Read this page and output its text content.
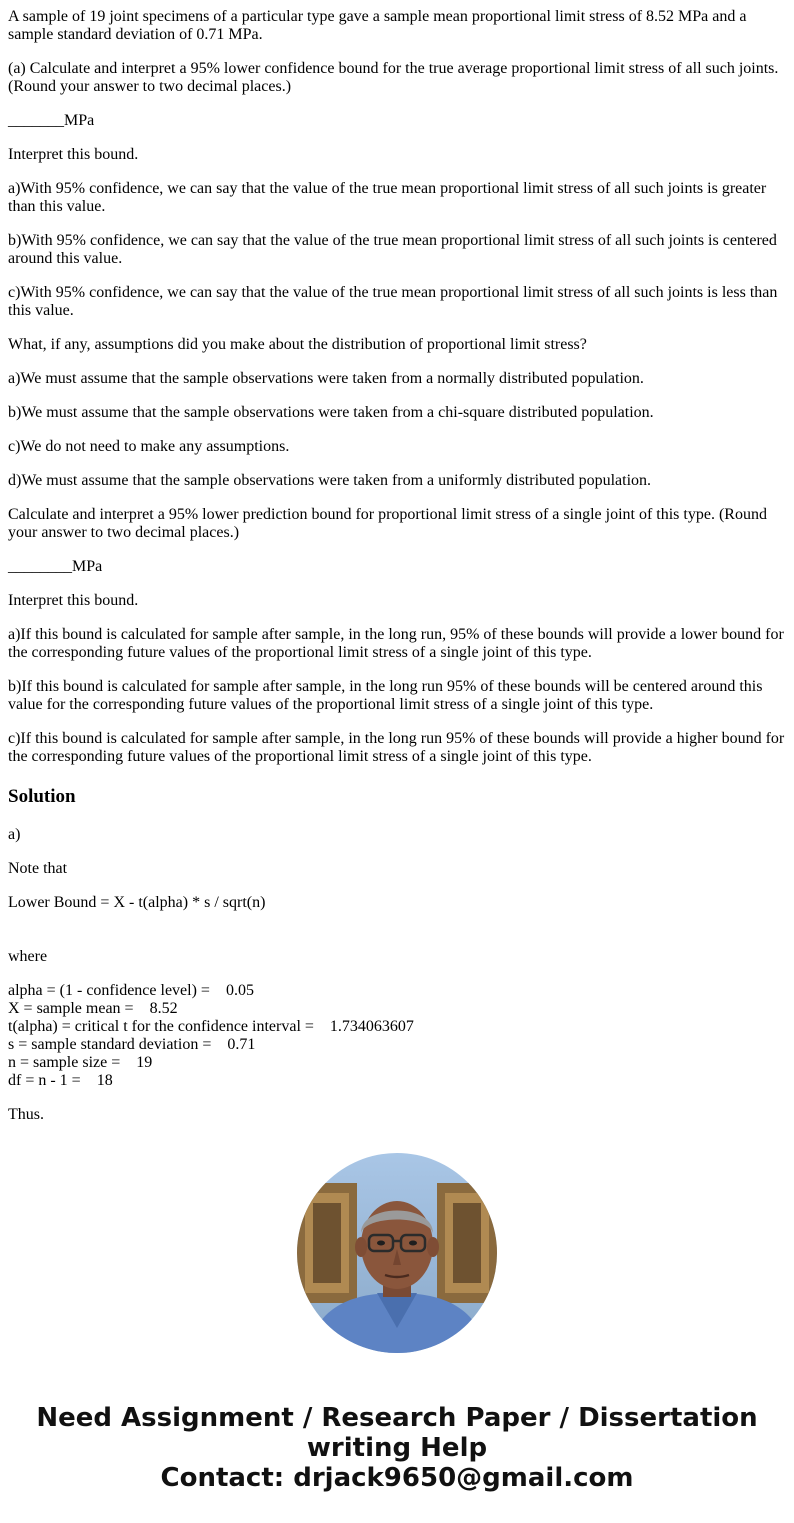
A sample of 19 joint specimens of a particular type gave a sample mean proportional limit stress of 8.52 MPa and a sample standard deviation of 0.71 MPa.
(a) Calculate and interpret a 95% lower confidence bound for the true average proportional limit stress of all such joints. (Round your answer to two decimal places.)
_______MPa
Interpret this bound.
a)With 95% confidence, we can say that the value of the true mean proportional limit stress of all such joints is greater than this value.
b)With 95% confidence, we can say that the value of the true mean proportional limit stress of all such joints is centered around this value.
c)With 95% confidence, we can say that the value of the true mean proportional limit stress of all such joints is less than this value.
What, if any, assumptions did you make about the distribution of proportional limit stress?
a)We must assume that the sample observations were taken from a normally distributed population.
b)We must assume that the sample observations were taken from a chi-square distributed population.
c)We do not need to make any assumptions.
d)We must assume that the sample observations were taken from a uniformly distributed population.
Calculate and interpret a 95% lower prediction bound for proportional limit stress of a single joint of this type. (Round your answer to two decimal places.)
________MPa
Interpret this bound.
a)If this bound is calculated for sample after sample, in the long run, 95% of these bounds will provide a lower bound for the corresponding future values of the proportional limit stress of a single joint of this type.
b)If this bound is calculated for sample after sample, in the long run 95% of these bounds will be centered around this value for the corresponding future values of the proportional limit stress of a single joint of this type.
c)If this bound is calculated for sample after sample, in the long run 95% of these bounds will provide a higher bound for the corresponding future values of the proportional limit stress of a single joint of this type.
Solution
a)
Note that
Lower Bound = X - t(alpha) * s / sqrt(n)
where
alpha = (1 - confidence level) =    0.05
X = sample mean =    8.52
t(alpha) = critical t for the confidence interval =    1.734063607
s = sample standard deviation =    0.71
n = sample size =    19
df = n - 1 =    18
Thus.
Need Assignment / Research Paper / Dissertation
writing Help
Contact: drjack9650@gmail.com
